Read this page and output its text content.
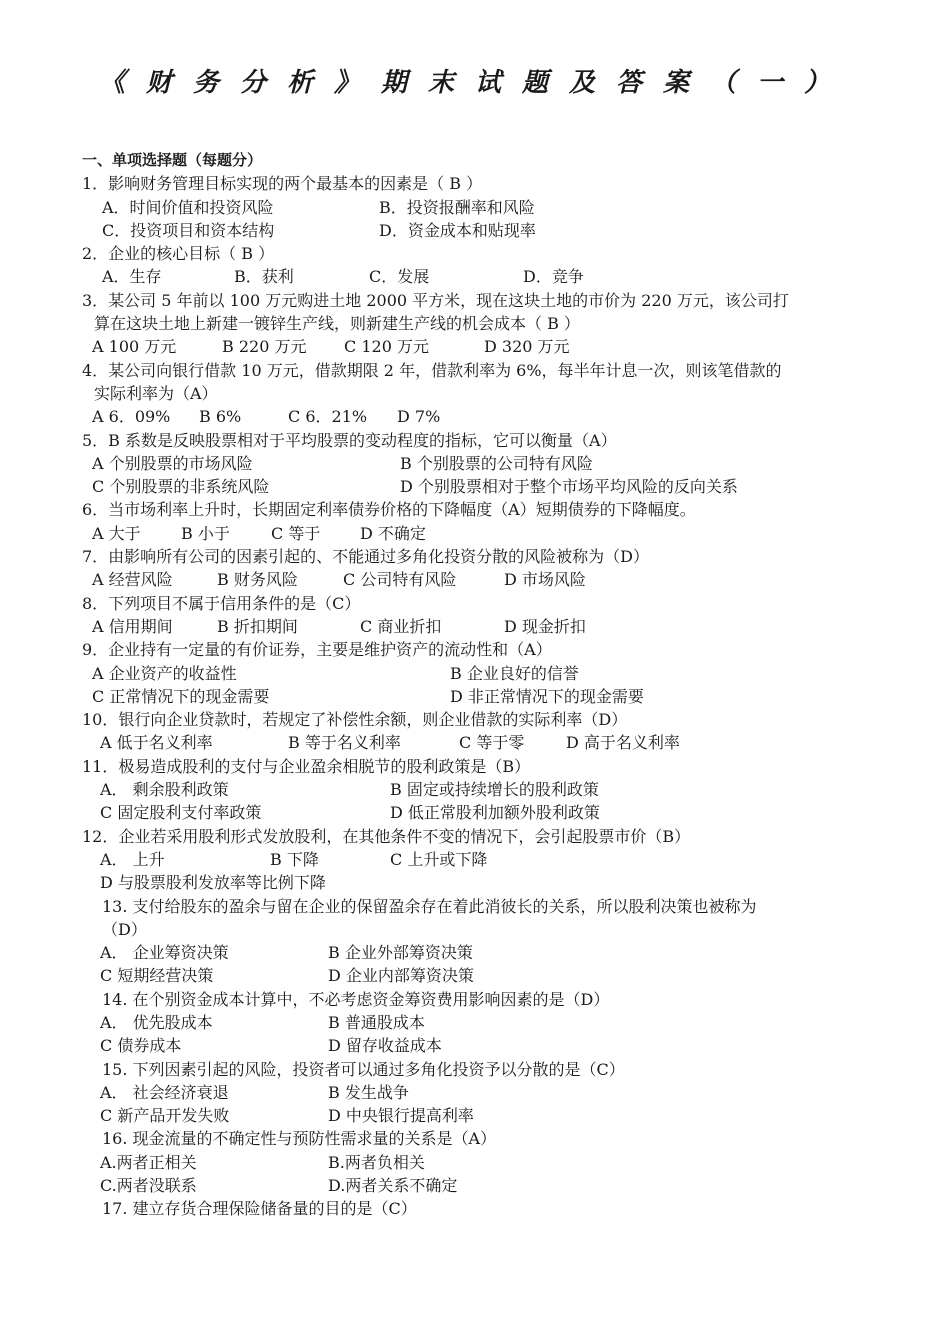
《财务分析》期末试题及答案（一）
一、单项选择题（每题分）
1．影响财务管理目标实现的两个最基本的因素是（ B ）
A．时间价值和投资风险	B．投资报酬率和风险
C．投资项目和资本结构	D．资金成本和贴现率
2．企业的核心目标（ B ）
A．生存	B．获利	C．发展	D．竞争
3．某公司 5 年前以 100 万元购进土地 2000 平方米，现在这块土地的市价为 220 万元，该公司打
算在这块土地上新建一镀锌生产线，则新建生产线的机会成本（ B ）
A 100 万元	B 220 万元 C 120 万元	D 320 万元
4．某公司向银行借款 10 万元，借款期限 2 年，借款利率为 6%，每半年计息一次，则该笔借款的
实际利率为（A）
A 6．09% B 6%	C 6．21% D 7%
5．Β 系数是反映股票相对于平均股票的变动程度的指标，它可以衡量（A）
A 个别股票的市场风险	B 个别股票的公司特有风险
C 个别股票的非系统风险	D 个别股票相对于整个市场平均风险的反向关系
6．当市场利率上升时，长期固定利率债券价格的下降幅度（A）短期债券的下降幅度。
A 大于	B 小于	C 等于 D 不确定
7．由影响所有公司的因素引起的、不能通过多角化投资分散的风险被称为（D）
A 经营风险	B 财务风险	C 公司特有风险	D 市场风险
8．下列项目不属于信用条件的是（C）
A 信用期间	B 折扣期间	C 商业折扣	D 现金折扣
9．企业持有一定量的有价证券，主要是维护资产的流动性和（A）
A 企业资产的收益性	B 企业良好的信誉
C 正常情况下的现金需要	D 非正常情况下的现金需要
10．银行向企业贷款时，若规定了补偿性余额，则企业借款的实际利率（D）
A 低于名义利率	B 等于名义利率	C 等于零	D 高于名义利率
11．极易造成股利的支付与企业盈余相脱节的股利政策是（B）
A． 剩余股利政策	B 固定或持续增长的股利政策
C 固定股利支付率政策	D 低正常股利加额外股利政策
12．企业若采用股利形式发放股利，在其他条件不变的情况下，会引起股票市价（B）
A． 上升	B 下降	C 上升或下降
D 与股票股利发放率等比例下降
13. 支付给股东的盈余与留在企业的保留盈余存在着此消彼长的关系，所以股利决策也被称为
（D）
A． 企业筹资决策	B 企业外部筹资决策
C 短期经营决策	D 企业内部筹资决策
14. 在个别资金成本计算中，不必考虑资金筹资费用影响因素的是（D）
A． 优先股成本	B 普通股成本
C 债券成本	D 留存收益成本
15. 下列因素引起的风险，投资者可以通过多角化投资予以分散的是（C）
A． 社会经济衰退	B 发生战争
C 新产品开发失败	D 中央银行提高利率
16. 现金流量的不确定性与预防性需求量的关系是（A）
A.两者正相关	B.两者负相关
C.两者没联系	D.两者关系不确定
17. 建立存货合理保险储备量的目的是（C）
